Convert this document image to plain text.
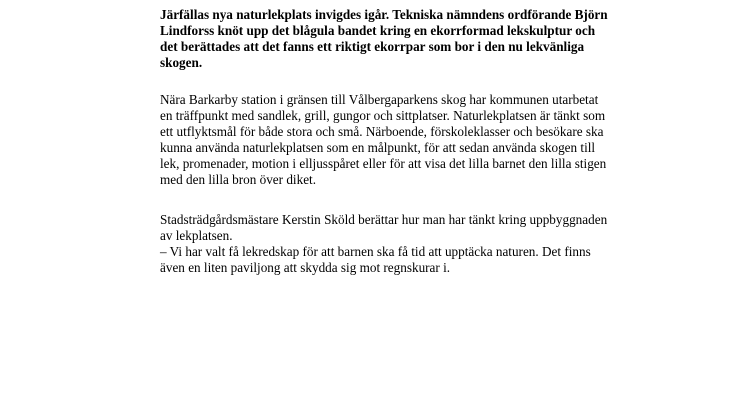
Järfällas nya naturlekplats invigdes igår. Tekniska nämndens ordförande Björn
Lindforss knöt upp det blågula bandet kring en ekorrformad lekskulptur och
det berättades att det fanns ett riktigt ekorrpar som bor i den nu lekvänliga
skogen.
Nära Barkarby station i gränsen till Vålbergaparkens skog har kommunen utarbetat
en träffpunkt med sandlek, grill, gungor och sittplatser. Naturlekplatsen är tänkt som
ett utflyktsmål för både stora och små. Närboende, förskoleklasser och besökare ska
kunna använda naturlekplatsen som en målpunkt, för att sedan använda skogen till
lek, promenader, motion i elljusspåret eller för att visa det lilla barnet den lilla stigen
med den lilla bron över diket.
Stadsträdgårdsmästare Kerstin Sköld berättar hur man har tänkt kring uppbyggnaden
av lekplatsen.
– Vi har valt få lekredskap för att barnen ska få tid att upptäcka naturen. Det finns
även en liten paviljong att skydda sig mot regnskurar i.
